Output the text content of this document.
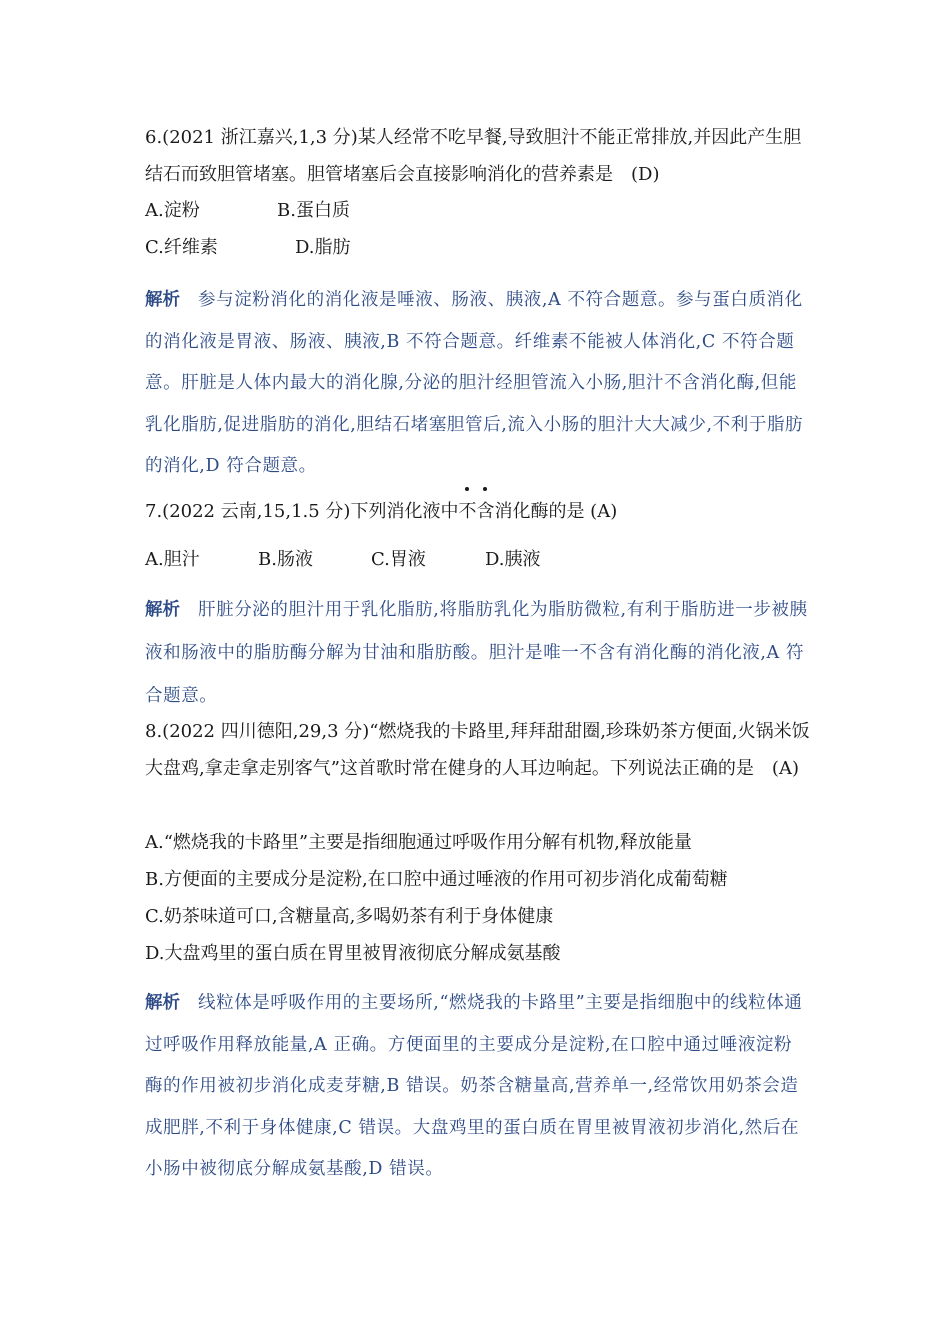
6.(2021 浙江嘉兴,1,3 分)某人经常不吃早餐,导致胆汁不能正常排放,并因此产生胆结石而致胆管堵塞。胆管堵塞后会直接影响消化的营养素是　(D)

A.淀粉	B.蛋白质
C.纤维素	D.脂肪

解析 参与淀粉消化的消化液是唾液、肠液、胰液,A 不符合题意。参与蛋白质消化的消化液是胃液、肠液、胰液,B 不符合题意。纤维素不能被人体消化,C 不符合题意。肝脏是人体内最大的消化腺,分泌的胆汁经胆管流入小肠,胆汁不含消化酶,但能乳化脂肪,促进脂肪的消化,胆结石堵塞胆管后,流入小肠的胆汁大大减少,不利于脂肪的消化,D 符合题意。

7.(2022 云南,15,1.5 分)下列消化液中不含消化酶的是 (A)

A.胆汁	B.肠液	C.胃液	D.胰液

解析 肝脏分泌的胆汁用于乳化脂肪,将脂肪乳化为脂肪微粒,有利于脂肪进一步被胰液和肠液中的脂肪酶分解为甘油和脂肪酸。胆汁是唯一不含有消化酶的消化液,A 符合题意。

8.(2022 四川德阳,29,3 分)“燃烧我的卡路里,拜拜甜甜圈,珍珠奶茶方便面,火锅米饭大盘鸡,拿走拿走别客气”这首歌时常在健身的人耳边响起。下列说法正确的是　(A)

A.“燃烧我的卡路里”主要是指细胞通过呼吸作用分解有机物,释放能量
B.方便面的主要成分是淀粉,在口腔中通过唾液的作用可初步消化成葡萄糖
C.奶茶味道可口,含糖量高,多喝奶茶有利于身体健康
D.大盘鸡里的蛋白质在胃里被胃液彻底分解成氨基酸

解析 线粒体是呼吸作用的主要场所,“燃烧我的卡路里”主要是指细胞中的线粒体通过呼吸作用释放能量,A 正确。方便面里的主要成分是淀粉,在口腔中通过唾液淀粉酶的作用被初步消化成麦芽糖,B 错误。奶茶含糖量高,营养单一,经常饮用奶茶会造成肥胖,不利于身体健康,C 错误。大盘鸡里的蛋白质在胃里被胃液初步消化,然后在小肠中被彻底分解成氨基酸,D 错误。
